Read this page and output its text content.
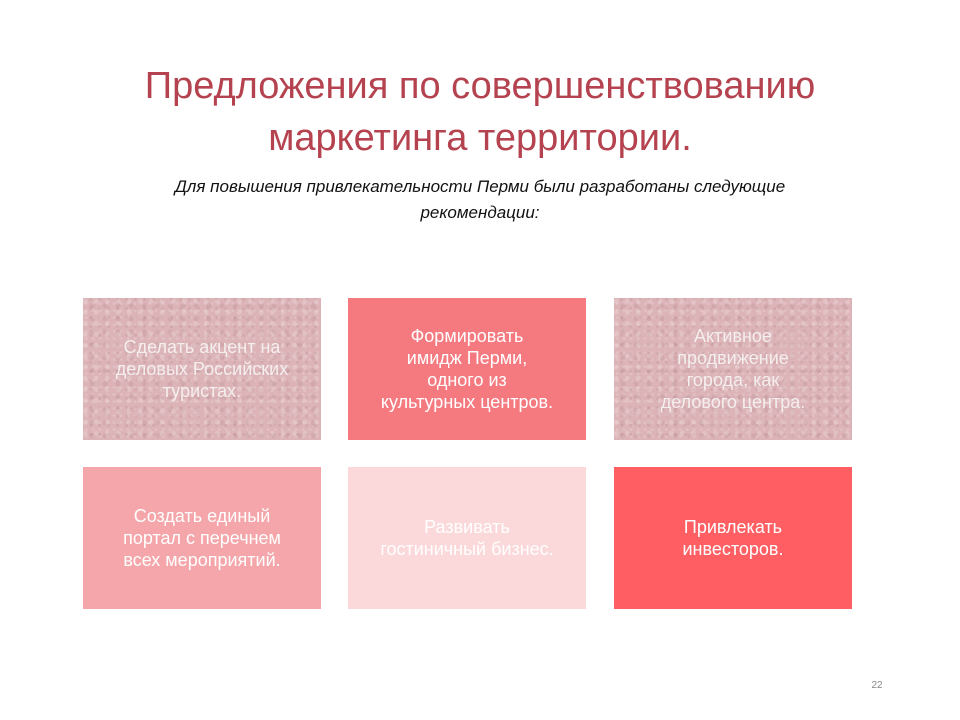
Предложения по совершенствованию
маркетинга территории.
Для повышения привлекательности Перми были разработаны следующие
рекомендации:
Сделать акцент на
деловых Российских
туристах.
Формировать
имидж Перми,
одного из
культурных центров.
Активное
продвижение
города, как
делового центра.
Создать единый
портал с перечнем
всех мероприятий.
Развивать
гостиничный бизнес.
Привлекать
инвесторов.
22
